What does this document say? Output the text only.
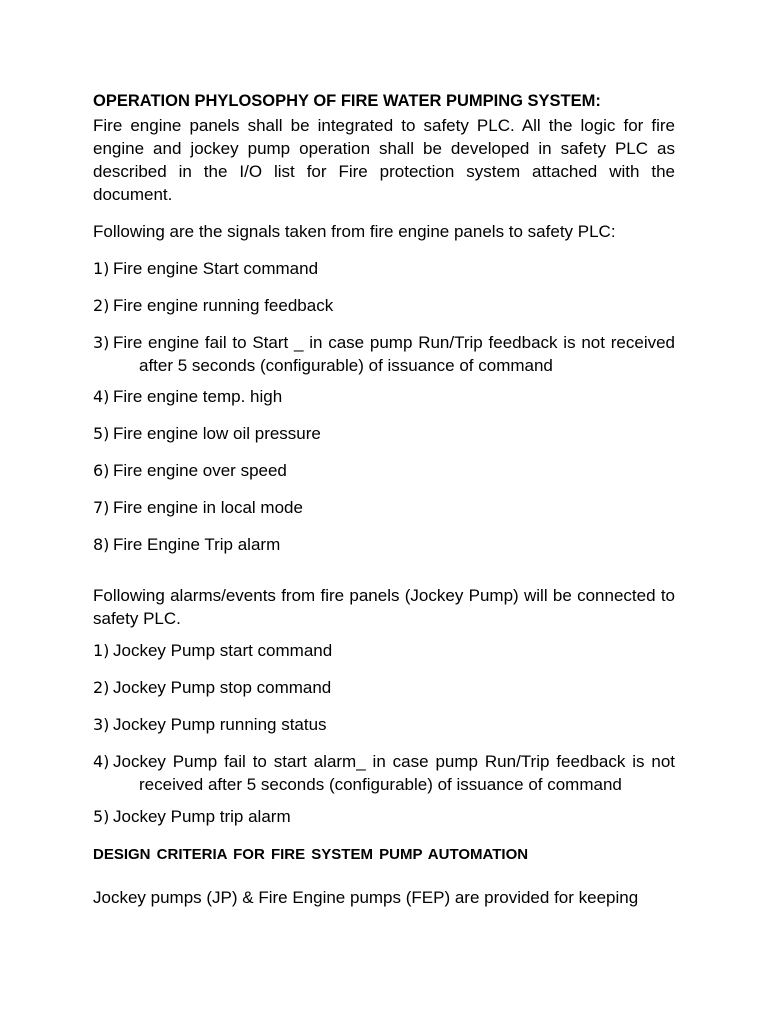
OPERATION PHYLOSOPHY OF FIRE WATER PUMPING SYSTEM:

Fire engine panels shall be integrated to safety PLC. All the logic for fire engine and jockey pump operation shall be developed in safety PLC as described in the I/O list for Fire protection system attached with the document.

Following are the signals taken from fire engine panels to safety PLC:

1) Fire engine Start command
2) Fire engine running feedback
3) Fire engine fail to Start _ in case pump Run/Trip feedback is not received after 5 seconds (configurable) of issuance of command
4) Fire engine temp. high
5) Fire engine low oil pressure
6) Fire engine over speed
7) Fire engine in local mode
8) Fire Engine Trip alarm

Following alarms/events from fire panels (Jockey Pump) will be connected to safety PLC.

1) Jockey Pump start command
2) Jockey Pump stop command
3) Jockey Pump running status
4) Jockey Pump fail to start alarm_ in case pump Run/Trip feedback is not received after 5 seconds (configurable) of issuance of command
5) Jockey Pump trip alarm

DESIGN CRITERIA FOR FIRE SYSTEM PUMP AUTOMATION

Jockey pumps (JP) & Fire Engine pumps (FEP) are provided for keeping
